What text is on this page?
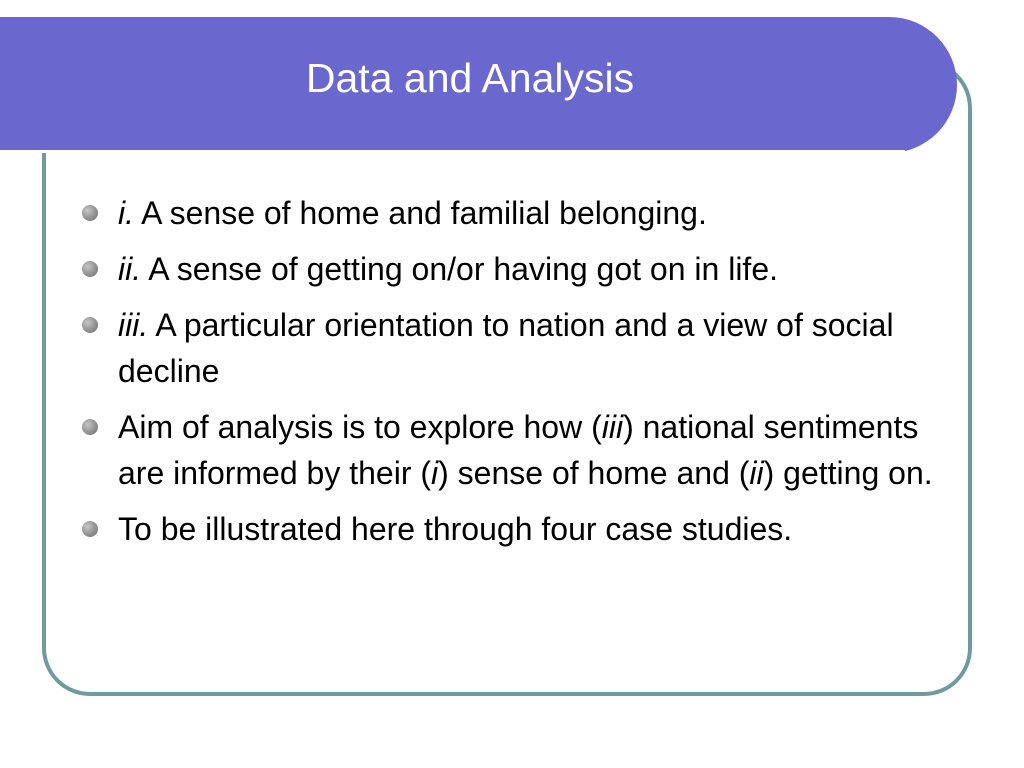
Data and Analysis
i. A sense of home and familial belonging.
ii. A sense of getting on/or having got on in life.
iii. A particular orientation to nation and a view of social decline
Aim of analysis is to explore how (iii) national sentiments are informed by their (i) sense of home and (ii) getting on.
To be illustrated here through four case studies.
